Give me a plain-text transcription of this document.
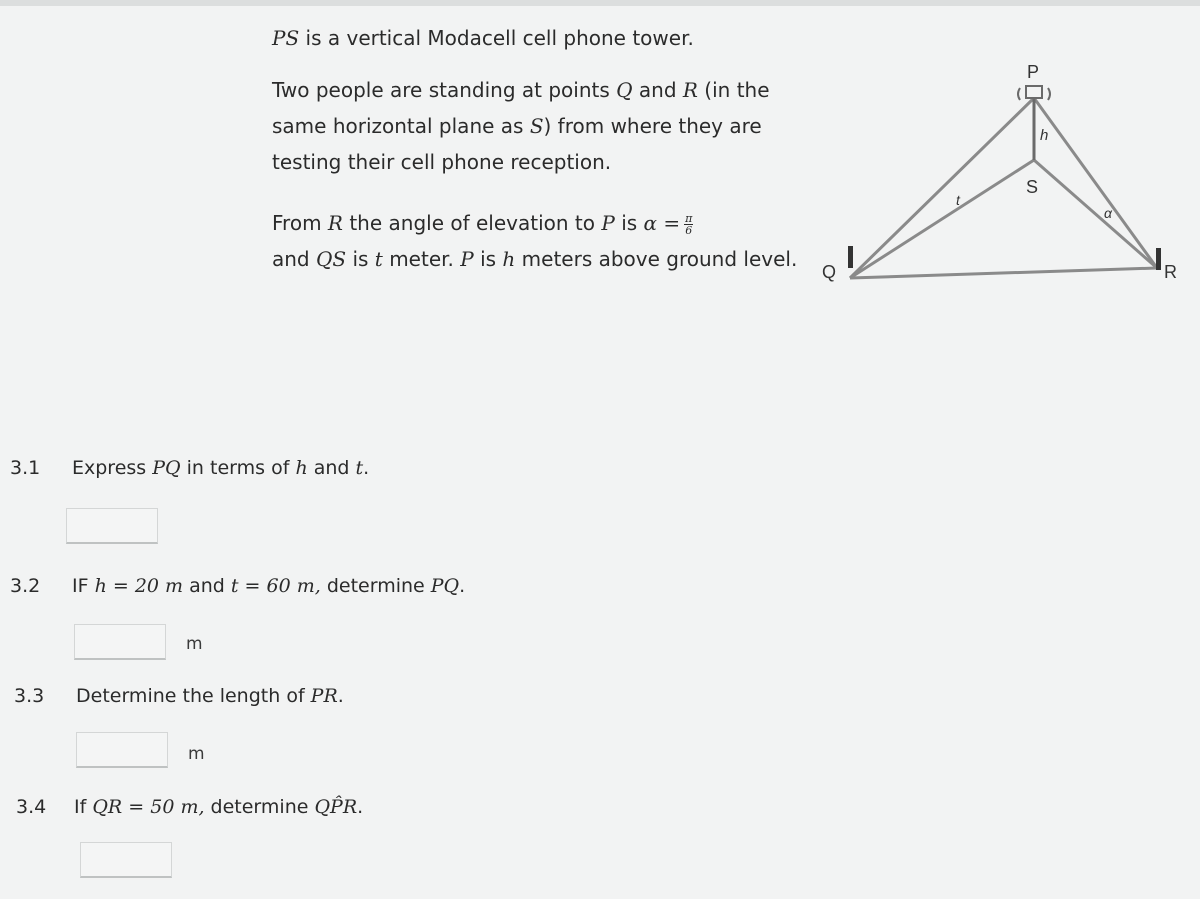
PS is a vertical Modacell cell phone tower.

Two people are standing at points Q and R (in the same horizontal plane as S) from where they are testing their cell phone reception.

From R the angle of elevation to P is $\alpha = \frac{\pi}{6}$

and QS is t meter. P is h meters above ground level.

P
h
S
t
α
Q	R
3.1 Express PQ in terms of h and t.
3.2 IF h = 20 m and t = 60 m, determine PQ.
m
3.3 Determine the length of PR.
m
3.4 If QR = 50 m, determine QP̂R.
